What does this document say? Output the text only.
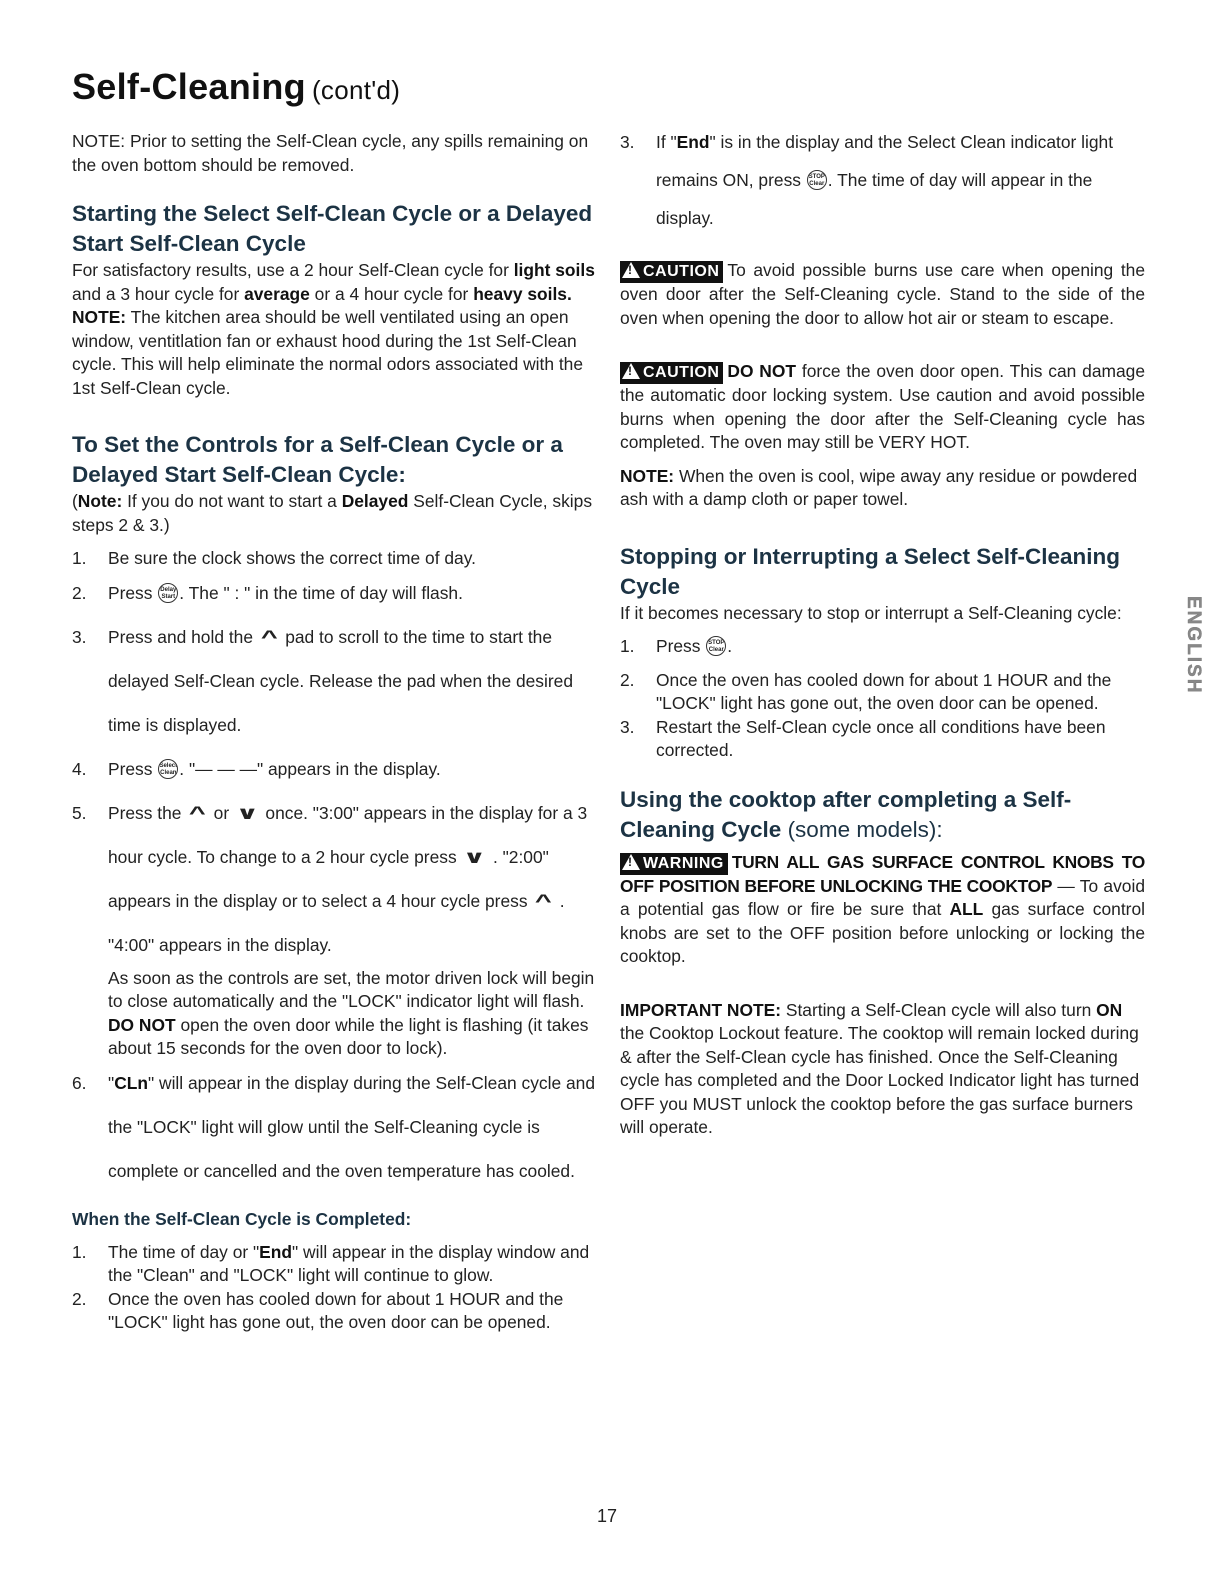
Self-Cleaning (cont'd)

NOTE: Prior to setting the Self-Clean cycle, any spills remaining on the oven bottom should be removed.

Starting the Select Self-Clean Cycle or a Delayed Start Self-Clean Cycle

For satisfactory results, use a 2 hour Self-Clean cycle for light soils and a 3 hour cycle for average or a 4 hour cycle for heavy soils. NOTE: The kitchen area should be well ventilated using an open window, ventitlation fan or exhaust hood during the 1st Self-Clean cycle. This will help eliminate the normal odors associated with the 1st Self-Clean cycle.

To Set the Controls for a Self-Clean Cycle or a Delayed Start Self-Clean Cycle:

(Note: If you do not want to start a Delayed Self-Clean Cycle, skips steps 2 & 3.)

1. Be sure the clock shows the correct time of day.
2. Press Delay Start . The " : " in the time of day will flash.
3. Press and hold the ^ pad to scroll to the time to start the delayed Self-Clean cycle. Release the pad when the desired time is displayed.
4. Press Select Clean . "— — —" appears in the display.
5. Press the ^ or ∨ once. "3:00" appears in the display for a 3 hour cycle. To change to a 2 hour cycle press ∨ . "2:00" appears in the display or to select a 4 hour cycle press ^ . "4:00" appears in the display.
As soon as the controls are set, the motor driven lock will begin to close automatically and the "LOCK" indicator light will flash. DO NOT open the oven door while the light is flashing (it takes about 15 seconds for the oven door to lock).
6. "CLn" will appear in the display during the Self-Clean cycle and the "LOCK" light will glow until the Self-Cleaning cycle is complete or cancelled and the oven temperature has cooled.
When the Self-Clean Cycle is Completed:
1. The time of day or "End" will appear in the display window and the "Clean" and "LOCK" light will continue to glow.
2. Once the oven has cooled down for about 1 HOUR and the "LOCK" light has gone out, the oven door can be opened.
3. If "End" is in the display and the Select Clean indicator light remains ON, press STOP Clear . The time of day will appear in the display.

!CAUTION To avoid possible burns use care when opening the oven door after the Self-Cleaning cycle. Stand to the side of the oven when opening the door to allow hot air or steam to escape.

!CAUTION DO NOT force the oven door open. This can damage the automatic door locking system. Use caution and avoid possible burns when opening the door after the Self-Cleaning cycle has completed. The oven may still be VERY HOT.

NOTE: When the oven is cool, wipe away any residue or powdered ash with a damp cloth or paper towel.

Stopping or Interrupting a Select Self-Cleaning Cycle

If it becomes necessary to stop or interrupt a Self-Cleaning cycle:

1. Press STOP Clear .
2. Once the oven has cooled down for about 1 HOUR and the "LOCK" light has gone out, the oven door can be opened.
3. Restart the Self-Clean cycle once all conditions have been corrected.
Using the cooktop after completing a Self-Cleaning Cycle (some models):

!WARNING TURN ALL GAS SURFACE CONTROL KNOBS TO OFF POSITION BEFORE UNLOCKING THE COOKTOP — To avoid a potential gas flow or fire be sure that ALL gas surface control knobs are set to the OFF position before unlocking or locking the cooktop.

IMPORTANT NOTE: Starting a Self-Clean cycle will also turn ON the Cooktop Lockout feature. The cooktop will remain locked during & after the Self-Clean cycle has finished. Once the Self-Cleaning cycle has completed and the Door Locked Indicator light has turned OFF you MUST unlock the cooktop before the gas surface burners will operate.

ENGLISH
17
